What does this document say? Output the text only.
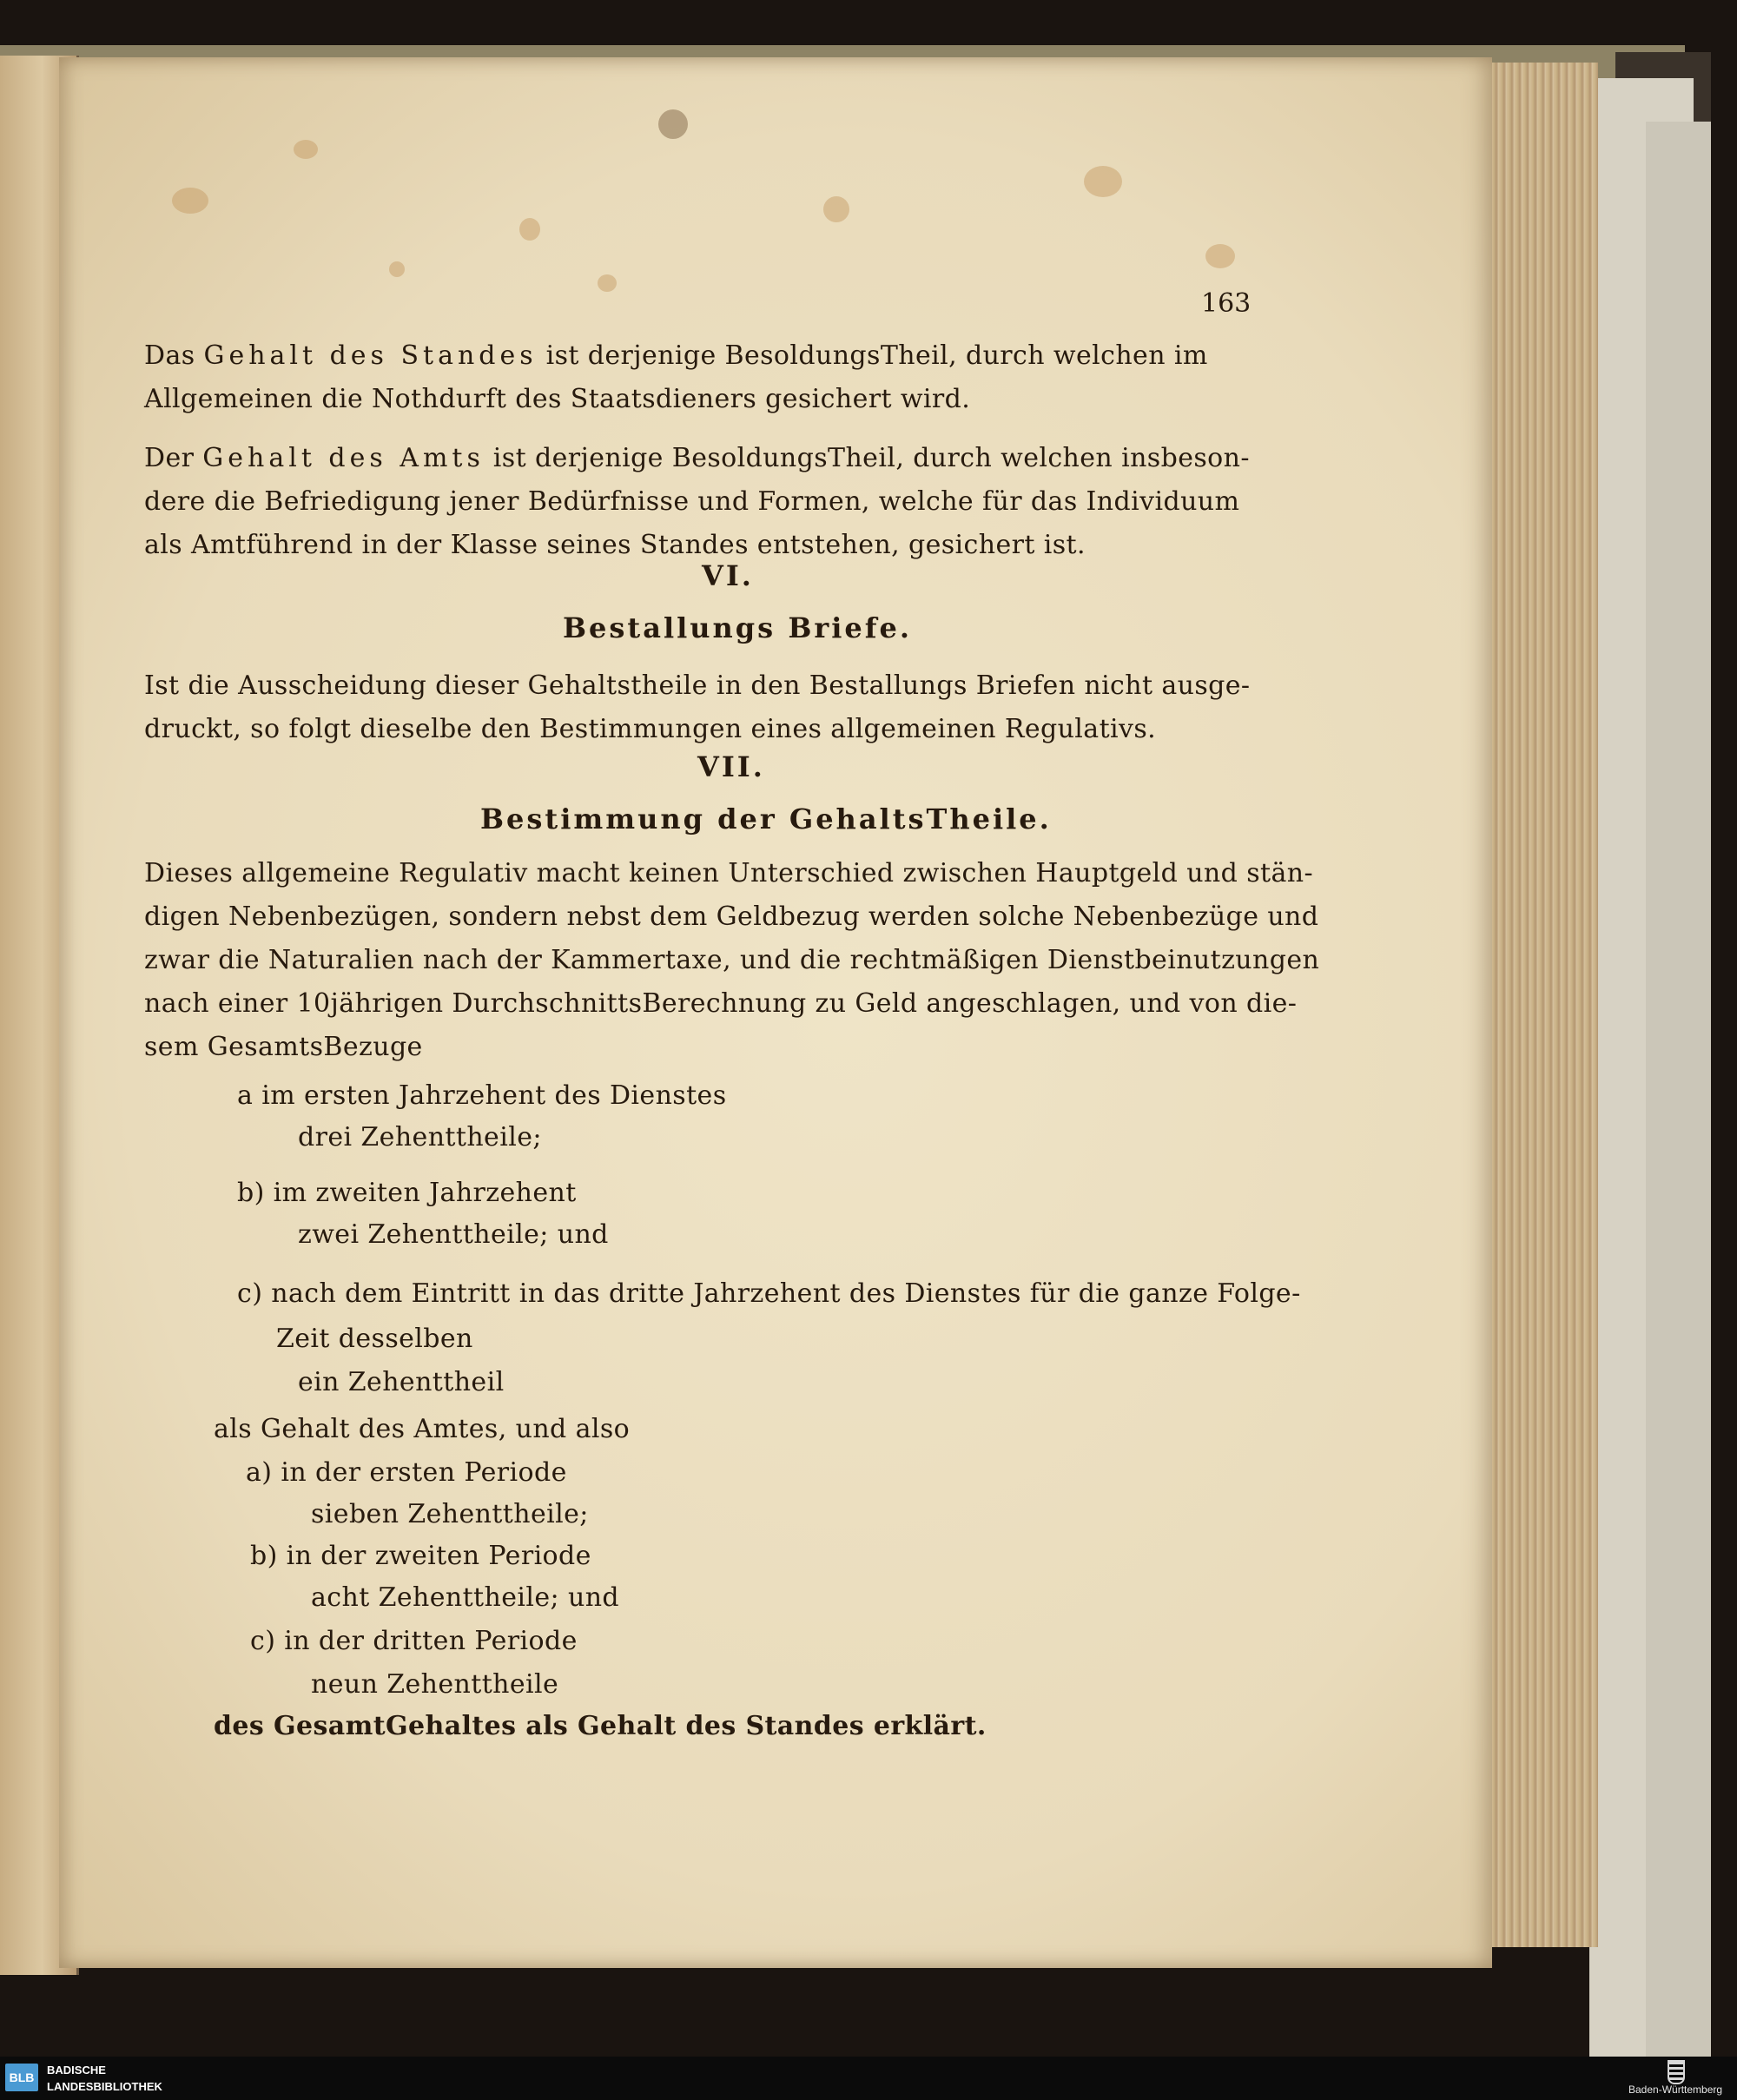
163
Das Gehalt des Standes ist derjenige BesoldungsTheil, durch welchen im
Allgemeinen die Nothdurft des Staatsdieners gesichert wird.
Der Gehalt des Amts ist derjenige BesoldungsTheil, durch welchen insbeson-
dere die Befriedigung jener Bedürfnisse und Formen, welche für das Individuum
als Amtführend in der Klasse seines Standes entstehen, gesichert ist.
Ist die Ausscheidung dieser Gehaltstheile in den Bestallungs Briefen nicht ausge-
druckt, so folgt dieselbe den Bestimmungen eines allgemeinen Regulativs.
Dieses allgemeine Regulativ macht keinen Unterschied zwischen Hauptgeld und stän-
digen Nebenbezügen, sondern nebst dem Geldbezug werden solche Nebenbezüge und
zwar die Naturalien nach der Kammertaxe, und die rechtmäßigen Dienstbeinutzungen
nach einer 10jährigen DurchschnittsBerechnung zu Geld angeschlagen, und von die-
sem GesamtsBezuge
a im ersten Jahrzehent des Dienstes
drei Zehenttheile;
b) im zweiten Jahrzehent
zwei Zehenttheile; und
c) nach dem Eintritt in das dritte Jahrzehent des Dienstes für die ganze Folge-
Zeit desselben
ein Zehenttheil
als Gehalt des Amtes, und also
a) in der ersten Periode
sieben Zehenttheile;
b) in der zweiten Periode
acht Zehenttheile; und
c) in der dritten Periode
neun Zehenttheile
des GesamtGehaltes als Gehalt des Standes erklärt.
VI.
Bestallungs Briefe.
VII.
Bestimmung der GehaltsTheile.
BLB
BADISCHE
LANDESBIBLIOTHEK	Baden-Württemberg
